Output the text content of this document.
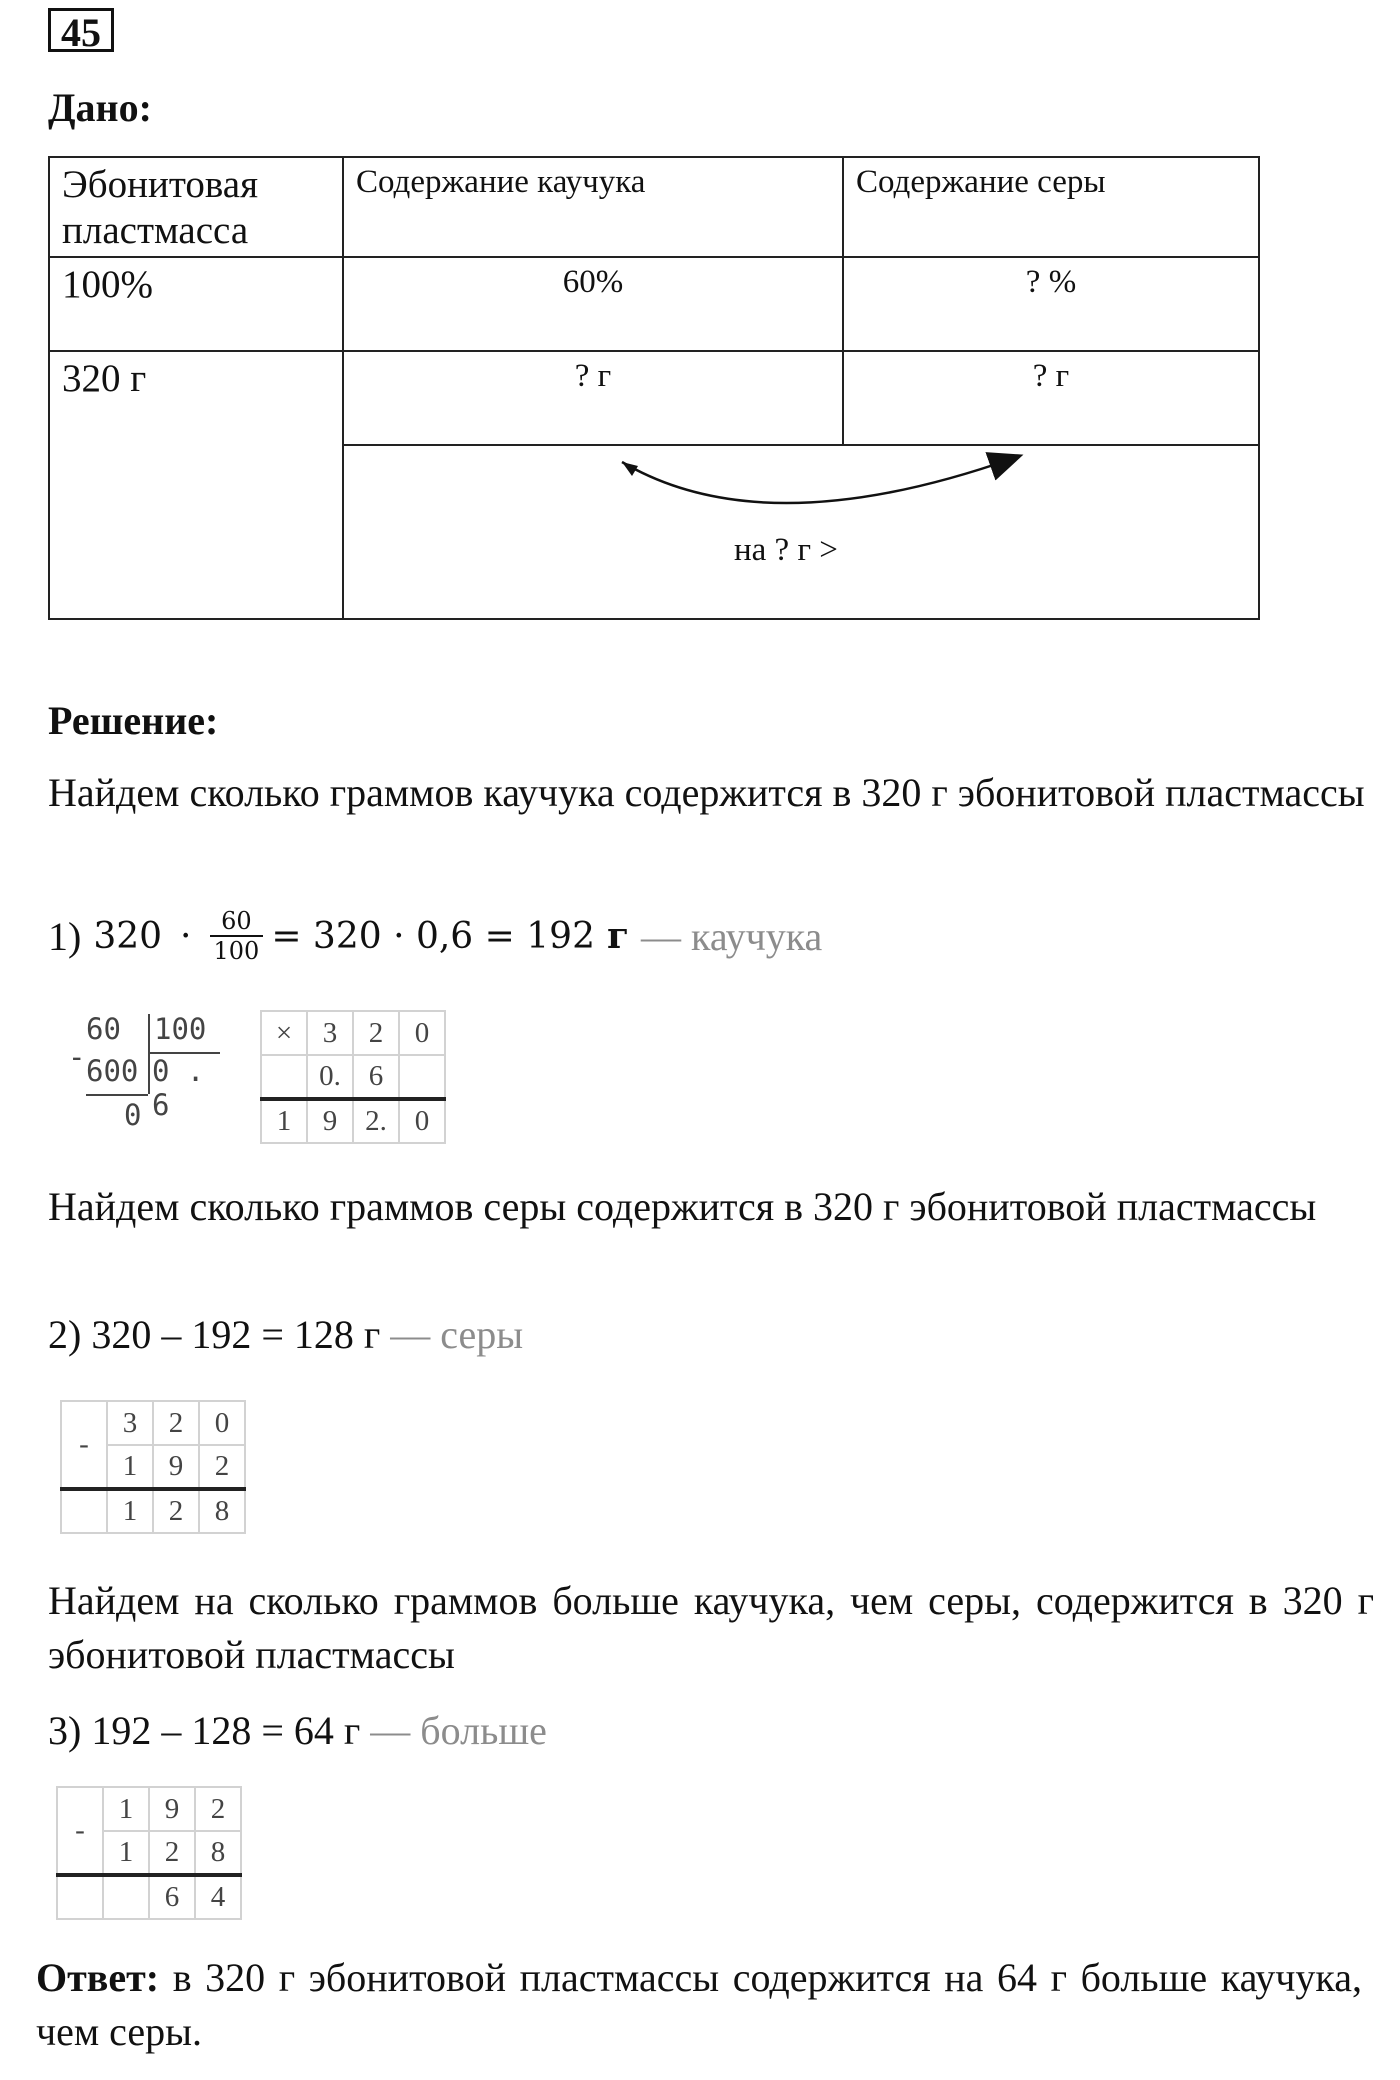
45
Дано:
Эбонитовая пластмасса	Содержание каучука	Содержание серы
100%	60%	? %
320 г	? г	? г

	на ? г >	
Решение:
Найдем сколько граммов каучука содержится в 320 г эбонитовой пластмассы
1) $320 \cdot \frac{60}{100} = 320 \cdot 0,6 = 192$ г — каучука
60 100
- 600 0 . 6
0
×	3	2	0
	0.	6	
1	9	2.	0
Найдем сколько граммов серы содержится в 320 г эбонитовой пластмассы
2) 320 – 192 = 128 г — серы
-	3	2	0
	1	9	2
	1	2	8
Найдем на сколько граммов больше каучука, чем серы, содержится в 320 г эбонитовой пластмассы
3) 192 – 128 = 64 г — больше
-	1	9	2
	1	2	8
		6	4
Ответ: в 320 г эбонитовой пластмассы содержится на 64 г больше каучука, чем серы.
